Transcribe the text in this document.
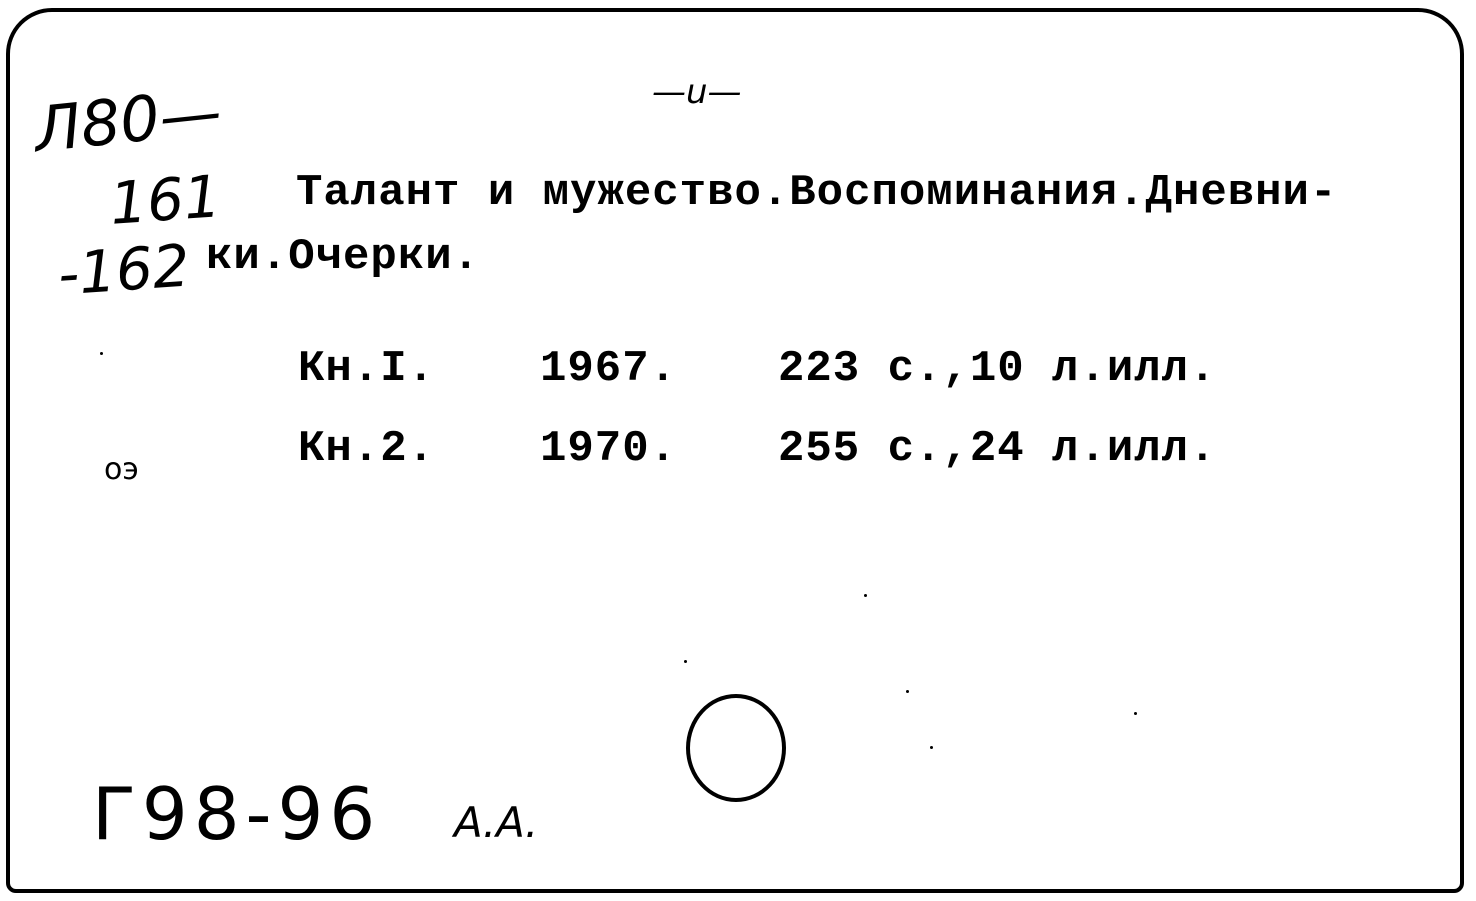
—u—
Л80—
161
-162
Талант и мужество.Воспоминания.Дневни-
ки.Очерки.
Кн.I. 1967. 223 с.,10 л.илл.
Кн.2. 1970. 255 с.,24 л.илл.
оэ
Г98-96 А.А.
